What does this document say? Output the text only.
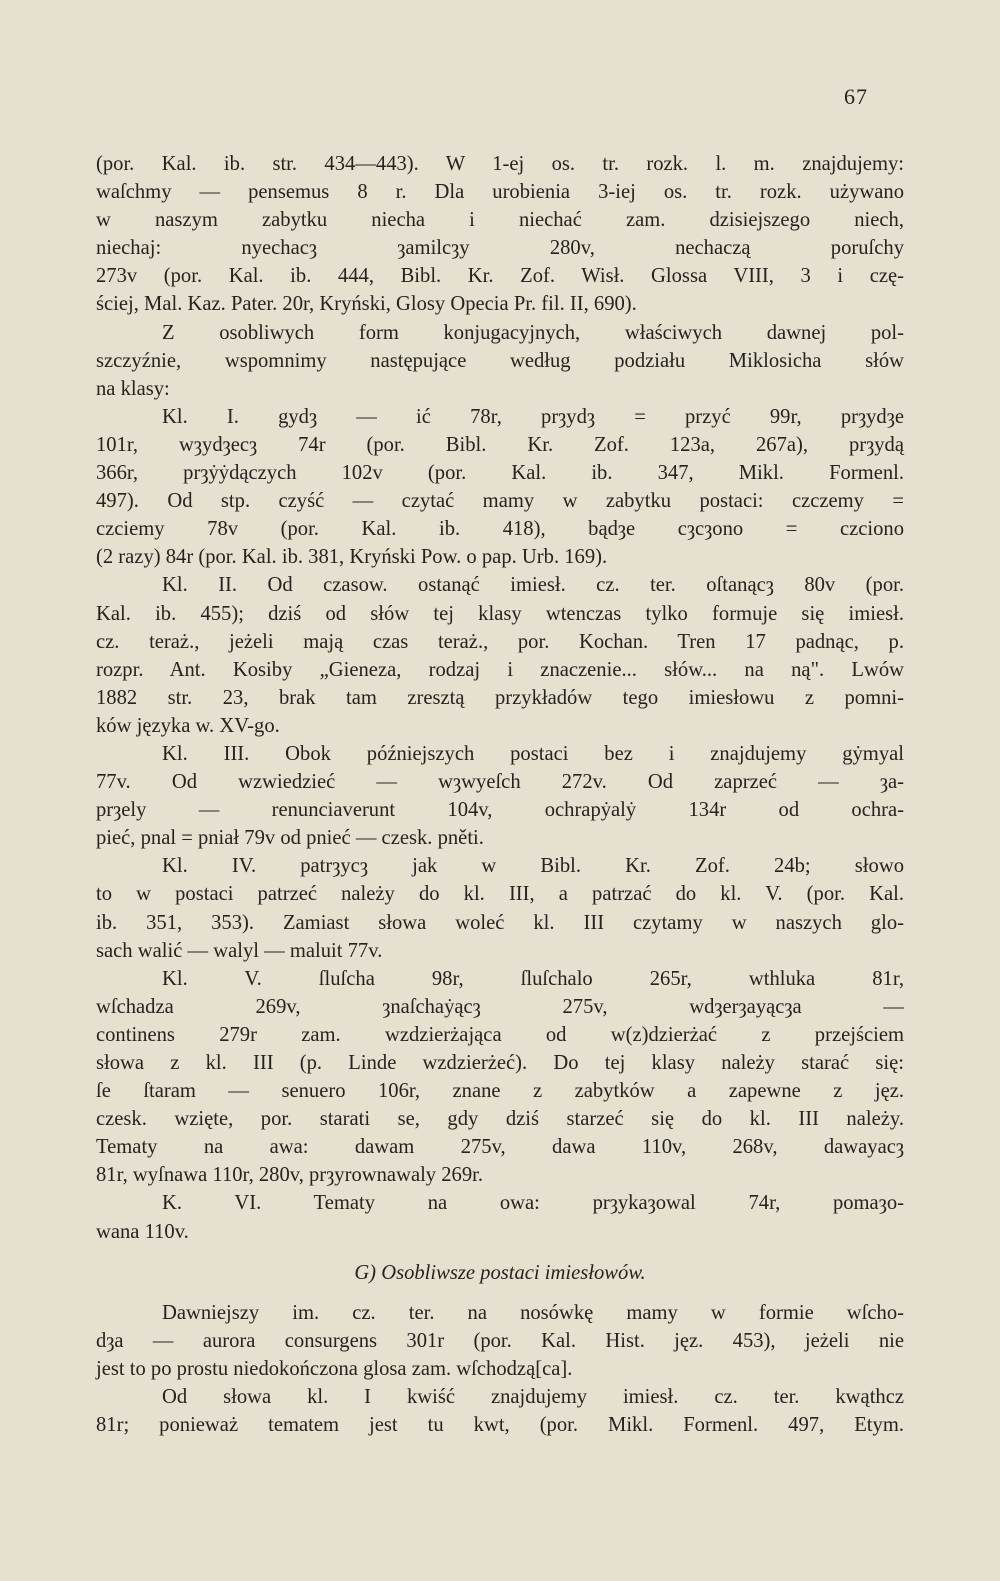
67
(por. Kal. ib. str. 434—443). W 1-ej os. tr. rozk. l. m. znajdujemy:
waſchmy — pensemus 8 r. Dla urobienia 3-iej os. tr. rozk. używano
w naszym zabytku niecha i niechać zam. dzisiejszego niech,
niechaj: nyechacȝ ȝamilcȝy 280v, nechaczą poruſchy
273v (por. Kal. ib. 444, Bibl. Kr. Zof. Wisł. Glossa VIII, 3 i czę-
ściej, Mal. Kaz. Pater. 20r, Kryński, Glosy Opecia Pr. fil. II, 690).
Z osobliwych form konjugacyjnych, właściwych dawnej pol-
szczyźnie, wspomnimy następujące według podziału Miklosicha słów
na klasy:
Kl. I. gydȝ — ić 78r, prȝydȝ = przyć 99r, prȝydȝe
101r, wȝydȝecȝ 74r (por. Bibl. Kr. Zof. 123a, 267a), prȝydą
366r, prȝẏẏdączych 102v (por. Kal. ib. 347, Mikl. Formenl.
497). Od stp. czyść — czytać mamy w zabytku postaci: czczemy =
czciemy 78v (por. Kal. ib. 418), bądȝe cȝcȝono = czciono
(2 razy) 84r (por. Kal. ib. 381, Kryński Pow. o pap. Urb. 169).
Kl. II. Od czasow. ostanąć imiesł. cz. ter. oſtanącȝ 80v (por.
Kal. ib. 455); dziś od słów tej klasy wtenczas tylko formuje się imiesł.
cz. teraż., jeżeli mają czas teraż., por. Kochan. Tren 17 padnąc, p.
rozpr. Ant. Kosiby „Gieneza, rodzaj i znaczenie... słów... na ną". Lwów
1882 str. 23, brak tam zresztą przykładów tego imiesłowu z pomni-
ków języka w. XV-go.
Kl. III. Obok późniejszych postaci bez i znajdujemy gẏmyal
77v. Od wzwiedzieć — wȝwyeſch 272v. Od zaprzeć — ȝa-
prȝely — renunciaverunt 104v, ochrapẏalẏ 134r od ochra-
pieć, pnal = pniał 79v od pnieć — czesk. pněti.
Kl. IV. patrȝycȝ jak w Bibl. Kr. Zof. 24b; słowo
to w postaci patrzeć należy do kl. III, a patrzać do kl. V. (por. Kal.
ib. 351, 353). Zamiast słowa woleć kl. III czytamy w naszych glo-
sach walić — walyl — maluit 77v.
Kl. V. ſluſcha 98r, ſluſchalo 265r, wthluka 81r,
wſchadza 269v, ȝnaſchaẏącȝ 275v, wdȝerȝayącȝa —
continens 279r zam. wzdzierżająca od w(z)dzierżać z przejściem
słowa z kl. III (p. Linde wzdzierżeć). Do tej klasy należy starać się:
ſe ſtaram — senuero 106r, znane z zabytków a zapewne z jęz.
czesk. wzięte, por. starati se, gdy dziś starzeć się do kl. III należy.
Tematy na awa: dawam 275v, dawa 110v, 268v, dawayacȝ
81r, wyſnawa 110r, 280v, prȝyrownawaly 269r.
K. VI. Tematy na owa: prȝykaȝowal 74r, pomaȝo-
wana 110v.
G) Osobliwsze postaci imiesłowów.
Dawniejszy im. cz. ter. na nosówkę mamy w formie wſcho-
dȝa — aurora consurgens 301r (por. Kal. Hist. jęz. 453), jeżeli nie
jest to po prostu niedokończona glosa zam. wſchodzą[ca].
Od słowa kl. I kwiść znajdujemy imiesł. cz. ter. kwąthcz
81r; ponieważ tematem jest tu kwt, (por. Mikl. Formenl. 497, Etym.
